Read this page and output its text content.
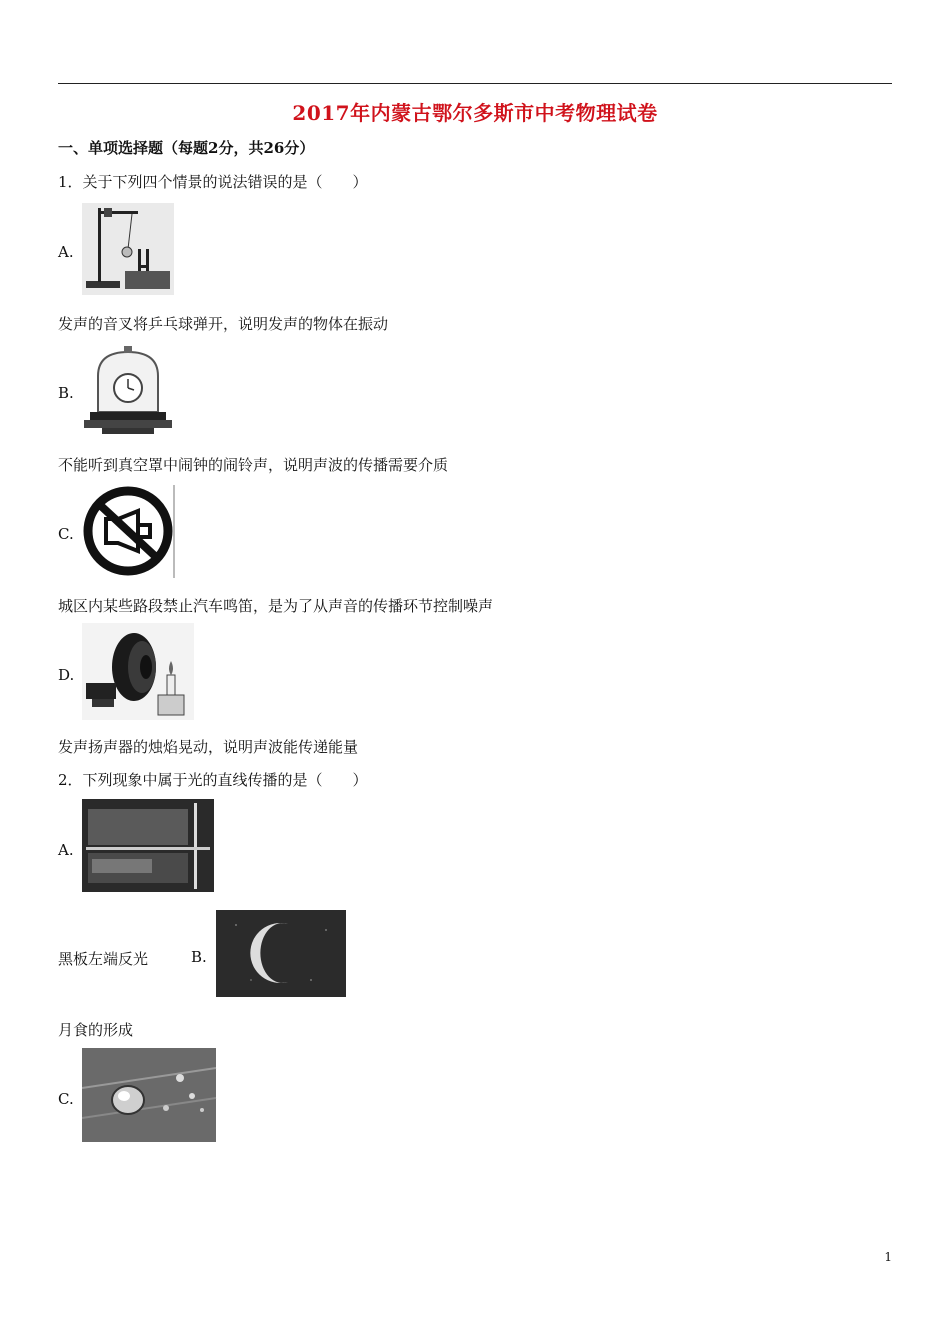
2017年内蒙古鄂尔多斯市中考物理试卷
一、单项选择题（每题2分，共26分）
1．关于下列四个情景的说法错误的是（　　）
A.
发声的音叉将乒乓球弹开，说明发声的物体在振动
B.
不能听到真空罩中闹钟的闹铃声，说明声波的传播需要介质
C.
城区内某些路段禁止汽车鸣笛，是为了从声音的传播环节控制噪声
D.
发声扬声器的烛焰晃动，说明声波能传递能量
2．下列现象中属于光的直线传播的是（　　）
A.
黑板左端反光	B.
月食的形成
C.
1
